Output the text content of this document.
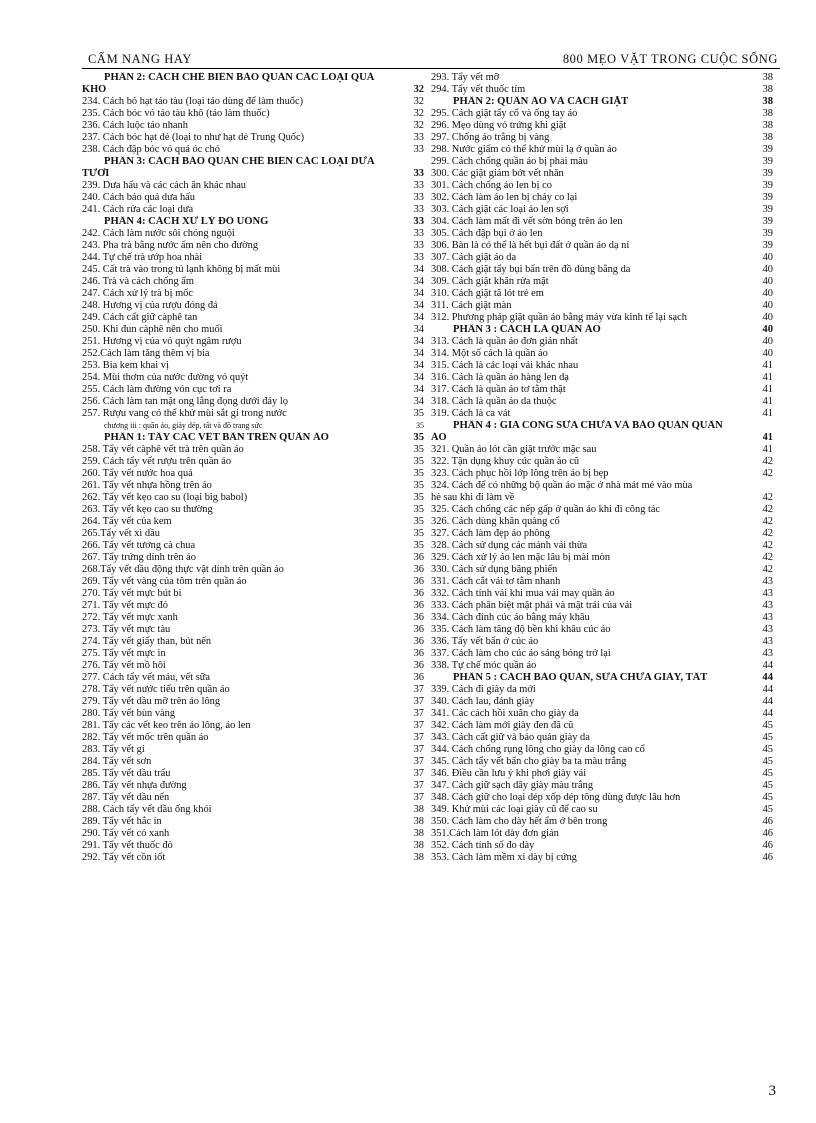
CẨM NANG HAY	800 MẸO VẶT TRONG CUỘC SỐNG
PHẦN 2: CÁCH CHẾ BIẾN BẢO QUẢN CÁC LOẠI QUẢ
KHÔ	32
234. Cách bỏ hạt táo tàu (loại táo dùng để làm thuốc)	32
235. Cách bóc vỏ táo tàu khô (táo làm thuốc)	32
236. Cách luộc táo nhanh	32
237. Cách bóc hạt dẻ (loại to như hạt dẻ Trung Quốc)	33
238. Cách đập bóc vỏ quả óc chó	33
PHẦN 3: CÁCH BẢO QUẢN CHẾ BIẾN CÁC LOẠI DƯA
TƯƠI	33
239. Dưa hấu và các cách ăn khác nhau	33
240. Cách bảo quả dưa hấu	33
241. Cách rửa các loại dưa	33
PHẦN 4: CÁCH XỬ LÝ ĐỒ UỐNG	33
242. Cách làm nước sôi chóng nguội	33
243. Pha trà bằng nước ấm nên cho đường	33
244. Tự chế trà ướp hoa nhài	33
245. Cất trà vào trong tủ lạnh không bị mất mùi	34
246. Trà và cách chống ẩm	34
247. Cách xử lý trà bị mốc	34
248. Hương vị của rượu đóng đá	34
249. Cách cất giữ càphê tan	34
250. Khi đun càphê nên cho muối	34
251. Hương vị của vỏ quýt ngâm rượu	34
252.Cách làm tăng thêm vị bia	34
253. Bia kem khai vị	34
254. Mùi thơm của nước đường vỏ quýt	34
255. Cách làm đường vón cục tơi ra	34
256. Cách làm tan mặt ong lắng đọng dưới đáy lọ	34
257. Rượu vang có thể khử mùi sắt gỉ trong nước	35
chương iii : quần áo, giày dép, tất và đồ trang sức	35
PHẦN 1: TẨY CÁC VẾT BẨN TRÊN QUẦN ÁO	35
258. Tẩy vết càphê vết trà trên quần áo	35
259. Cách tẩy vết rượu trên quần áo	35
260. Tẩy vết nước hoa quả	35
261. Tẩy vết nhựa hồng trên áo	35
262. Tẩy vết kẹo cao su (loại big babol)	35
263. Tẩy vết kẹo cao su thường	35
264. Tẩy vết của kem	35
265.Tẩy vết xì dầu	35
266. Tẩy vết tương cà chua	35
267. Tẩy trứng dính trên áo	36
268.Tẩy vết dầu động thực vật dính trên quần áo	36
269. Tẩy vết vàng của tôm trên quần áo	36
270. Tẩy vết mực bút bi	36
271. Tẩy vết mực đỏ	36
272. Tẩy vết mực xanh	36
273. Tẩy vết mực tàu	36
274. Tẩy vết giấy than, bút nến	36
275. Tẩy vết mực in	36
276. Tẩy vết mồ hôi	36
277. Cách tẩy vết máu, vết sữa	36
278. Tẩy vết nước tiểu trên quần áo	37
279. Tẩy vết dầu mỡ trên áo lông	37
280. Tẩy vết bùn vàng	37
281. Tẩy các vết keo trên áo lông, áo len	37
282. Tẩy vết mốc trên quần áo	37
283. Tẩy vết gỉ	37
284. Tẩy vết sơn	37
285. Tẩy vết dầu trẩu	37
286. Tẩy vết nhựa đường	37
287. Tẩy vết dầu nến	37
288. Cách tẩy vết dầu ống khói	38
289. Tẩy vết hắc ín	38
290. Tẩy vết cỏ xanh	38
291. Tẩy vết thuốc đỏ	38
292. Tẩy vết cồn iốt	38
293. Tẩy vết mỡ	38
294. Tẩy vết thuốc tím	38
PHẦN 2: QUẦN ÁO VÀ CÁCH GIẶT	38
295. Cách giặt tẩy cổ và ống tay áo	38
296. Mẹo dùng vỏ trứng khi giặt	38
297. Chống áo trắng bị vàng	38
298. Nước giấm có thể khử mùi lạ ở quần áo	39
299. Cách chống quần áo bị phai màu	39
300. Các giặt giảm bớt vết nhăn	39
301. Cách chống áo len bị co	39
302. Cách làm áo len bị chảy co lại	39
303. Cách giặt các loại áo len sợi	39
304. Cách làm mất đi vết sờn bóng trên áo len	39
305. Cách đập bụi ở áo len	39
306. Bàn là có thể là hết bụi đất ở quần áo dạ nỉ	39
307. Cách giặt áo da	40
308. Cách giặt tẩy bụi bẩn trên đồ dùng bằng da	40
309. Cách giặt khăn rửa mặt	40
310. Cách giặt tã lót trẻ em	40
311. Cách giặt màn	40
312. Phương pháp giặt quần áo bằng máy vừa kinh tế lại sạch	40
PHẦN 3 : CÁCH LÀ QUẦN ÁO	40
313. Cách là quần áo đơn giản nhất	40
314. Một số cách là quần áo	40
315. Cách là các loại vải khác nhau	41
316. Cách là quần áo hàng len dạ	41
317. Cách là quần áo tơ tằm thật	41
318. Cách là quần áo da thuộc	41
319. Cách là ca vát	41
PHẦN 4 : GIA CÔNG SỬA CHỮA VÀ BẢO QUẢN QUẦN
ÁO	41
321. Quần áo lót cần giặt trước mặc sau	41
322. Tận dụng khuy cúc quần áo cũ	42
323. Cách phục hồi lớp lông trên áo bị bẹp	42
324. Cách để có những bộ quần áo mặc ở nhà mát mẻ vào mùa
hè sau khi đi làm về	42
325. Cách chống các nếp gấp ở quần áo khi đi công tác	42
326. Cách dùng khăn quàng cổ	42
327. Cách làm đẹp áo phông	42
328. Cách sử dụng các mảnh vải thừa	42
329. Cách xử lý áo len mặc lâu bị mài mòn	42
330. Cách sử dụng băng phiến	42
331. Cách cắt vải tơ tằm nhanh	43
332. Cách tính vải khi mua vải may quần áo	43
333. Cách phân biệt mặt phải và mặt trái của vải	43
334. Cách đính cúc áo bằng máy khâu	43
335. Cách làm tăng độ bền khi khâu cúc áo	43
336. Tẩy vết bẩn ở cúc áo	43
337. Cách làm cho cúc áo sáng bóng trở lại	43
338. Tự chế móc quần áo	44
PHẦN 5 : CÁCH BẢO QUẢN, SỬA CHỮA GIÀY, TẤT	44
339. Cách đi giày da mới	44
340. Cách lau, đánh giày	44
341. Các cách hồi xuân cho giày da	44
342. Cách làm mới giày đen đã cũ	45
343. Cách cất giữ và bảo quản giày da	45
344. Cách chống rụng lông cho giày da lông cao cổ	45
345. Cách tẩy vết bẩn cho giày ba ta màu trắng	45
346. Điều cần lưu ý khi phơi giày vải	45
347. Cách giữ sạch dây giày màu trắng	45
348. Cách giữ cho loại dép xốp dép tông dùng được lâu hơn	45
349. Khử mùi các loại giày cũ để cao su	45
350. Cách làm cho dày hết ẩm ở bên trong	46
351.Cách làm lót dày đơn giản	46
352. Cách tính số đo dày	46
353. Cách làm mềm xi dày bị cứng	46
3
